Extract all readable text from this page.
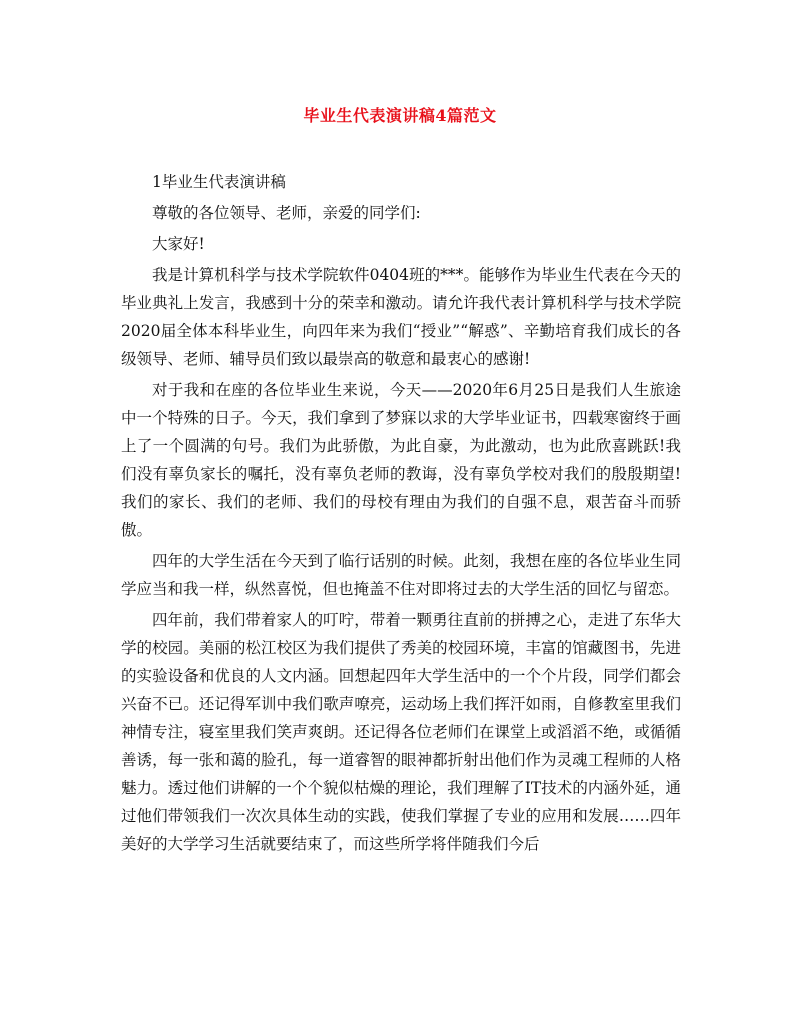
毕业生代表演讲稿4篇范文

1毕业生代表演讲稿

尊敬的各位领导、老师，亲爱的同学们:

大家好!

我是计算机科学与技术学院软件0404班的***。能够作为毕业生代表在今天的毕业典礼上发言，我感到十分的荣幸和激动。请允许我代表计算机科学与技术学院2020届全体本科毕业生，向四年来为我们“授业”“解惑”、辛勤培育我们成长的各级领导、老师、辅导员们致以最崇高的敬意和最衷心的感谢!

对于我和在座的各位毕业生来说，今天——2020年6月25日是我们人生旅途中一个特殊的日子。今天，我们拿到了梦寐以求的大学毕业证书，四载寒窗终于画上了一个圆满的句号。我们为此骄傲，为此自豪，为此激动，也为此欣喜跳跃!我们没有辜负家长的嘱托，没有辜负老师的教诲，没有辜负学校对我们的殷殷期望!我们的家长、我们的老师、我们的母校有理由为我们的自强不息，艰苦奋斗而骄傲。

四年的大学生活在今天到了临行话别的时候。此刻，我想在座的各位毕业生同学应当和我一样，纵然喜悦，但也掩盖不住对即将过去的大学生活的回忆与留恋。

四年前，我们带着家人的叮咛，带着一颗勇往直前的拼搏之心，走进了东华大学的校园。美丽的松江校区为我们提供了秀美的校园环境，丰富的馆藏图书，先进的实验设备和优良的人文内涵。回想起四年大学生活中的一个个片段，同学们都会兴奋不已。还记得军训中我们歌声嘹亮，运动场上我们挥汗如雨，自修教室里我们神情专注，寝室里我们笑声爽朗。还记得各位老师们在课堂上或滔滔不绝，或循循善诱，每一张和蔼的脸孔，每一道睿智的眼神都折射出他们作为灵魂工程师的人格魅力。透过他们讲解的一个个貌似枯燥的理论，我们理解了IT技术的内涵外延，通过他们带领我们一次次具体生动的实践，使我们掌握了专业的应用和发展……四年美好的大学学习生活就要结束了，而这些所学将伴随我们今后
